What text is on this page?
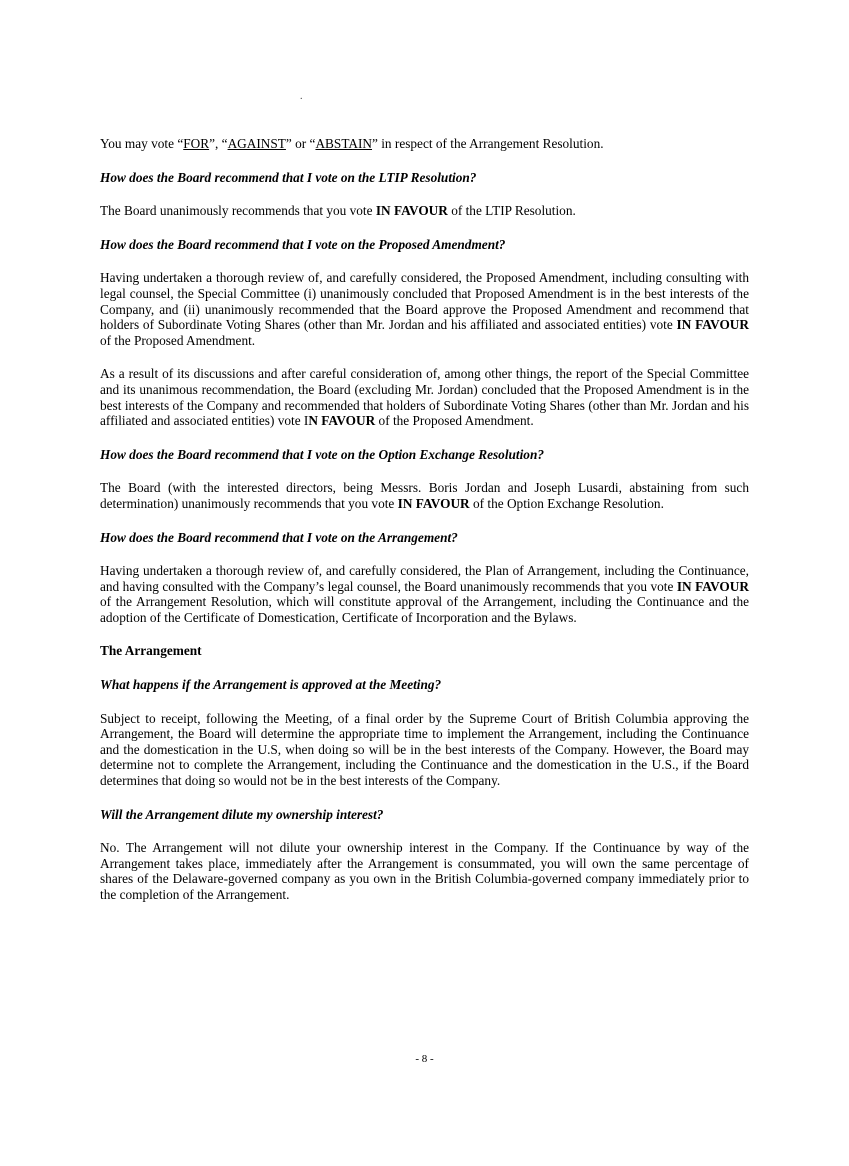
.

You may vote “FOR”, “AGAINST” or “ABSTAIN” in respect of the Arrangement Resolution.

How does the Board recommend that I vote on the LTIP Resolution?

The Board unanimously recommends that you vote IN FAVOUR of the LTIP Resolution.

How does the Board recommend that I vote on the Proposed Amendment?

Having undertaken a thorough review of, and carefully considered, the Proposed Amendment, including consulting with legal counsel, the Special Committee (i) unanimously concluded that Proposed Amendment is in the best interests of the Company, and (ii) unanimously recommended that the Board approve the Proposed Amendment and recommend that holders of Subordinate Voting Shares (other than Mr. Jordan and his affiliated and associated entities) vote IN FAVOUR of the Proposed Amendment.

As a result of its discussions and after careful consideration of, among other things, the report of the Special Committee and its unanimous recommendation, the Board (excluding Mr. Jordan) concluded that the Proposed Amendment is in the best interests of the Company and recommended that holders of Subordinate Voting Shares (other than Mr. Jordan and his affiliated and associated entities) vote IN FAVOUR of the Proposed Amendment.

How does the Board recommend that I vote on the Option Exchange Resolution?

The Board (with the interested directors, being Messrs. Boris Jordan and Joseph Lusardi, abstaining from such determination) unanimously recommends that you vote IN FAVOUR of the Option Exchange Resolution.

How does the Board recommend that I vote on the Arrangement?

Having undertaken a thorough review of, and carefully considered, the Plan of Arrangement, including the Continuance, and having consulted with the Company’s legal counsel, the Board unanimously recommends that you vote IN FAVOUR of the Arrangement Resolution, which will constitute approval of the Arrangement, including the Continuance and the adoption of the Certificate of Domestication, Certificate of Incorporation and the Bylaws.

The Arrangement

What happens if the Arrangement is approved at the Meeting?

Subject to receipt, following the Meeting, of a final order by the Supreme Court of British Columbia approving the Arrangement, the Board will determine the appropriate time to implement the Arrangement, including the Continuance and the domestication in the U.S, when doing so will be in the best interests of the Company. However, the Board may determine not to complete the Arrangement, including the Continuance and the domestication in the U.S., if the Board determines that doing so would not be in the best interests of the Company.

Will the Arrangement dilute my ownership interest?

No. The Arrangement will not dilute your ownership interest in the Company. If the Continuance by way of the Arrangement takes place, immediately after the Arrangement is consummated, you will own the same percentage of shares of the Delaware-governed company as you own in the British Columbia-governed company immediately prior to the completion of the Arrangement.

- 8 -
